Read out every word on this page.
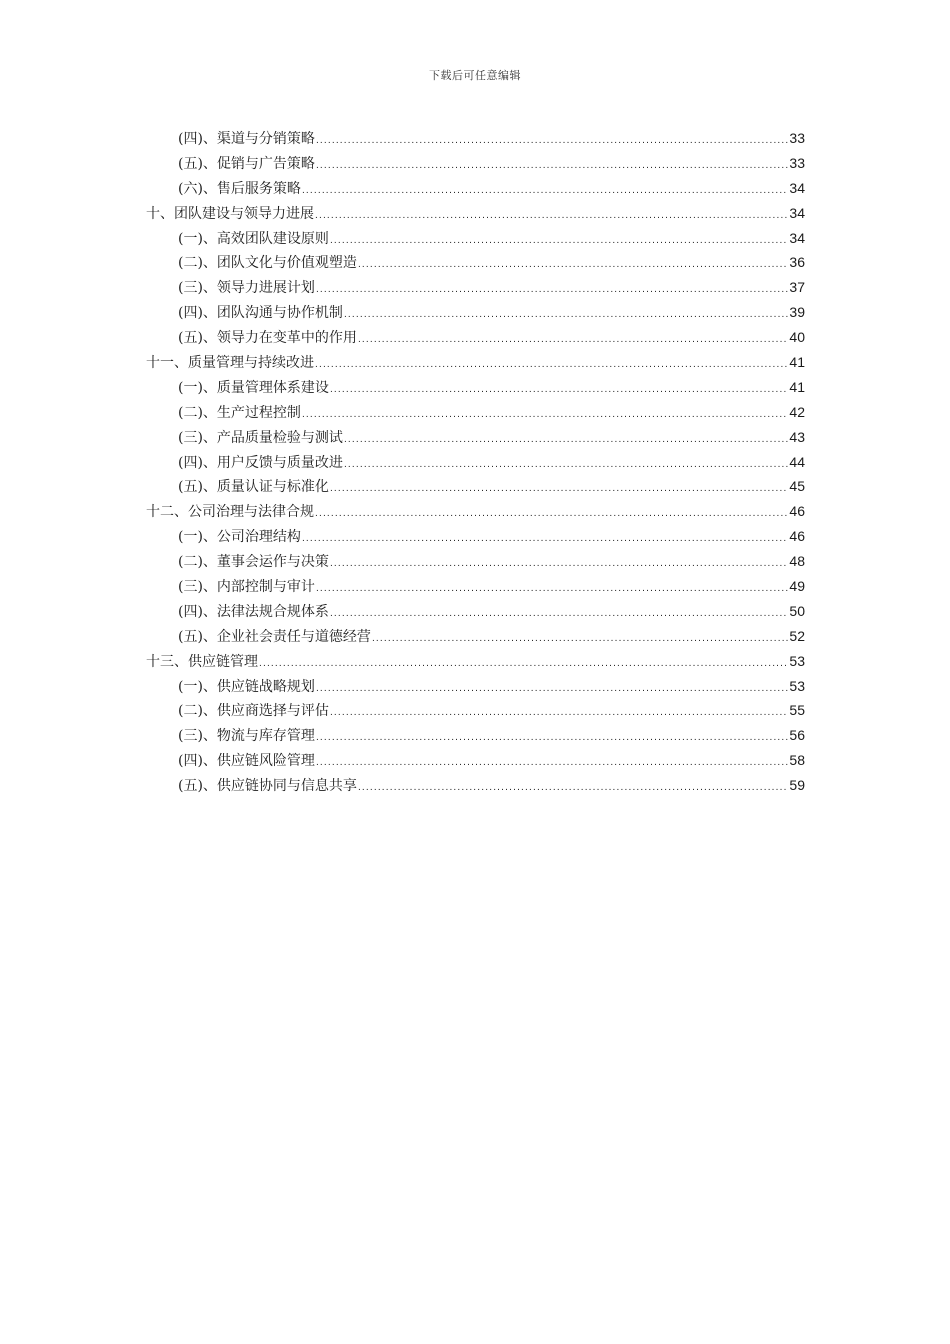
下载后可任意编辑
(四)、渠道与分销策略 .....	33
(五)、促销与广告策略 .....	33
(六)、售后服务策略 .....	34
十、团队建设与领导力进展 .....	34
(一)、高效团队建设原则 .....	34
(二)、团队文化与价值观塑造 .....	36
(三)、领导力进展计划 .....	37
(四)、团队沟通与协作机制 .....	39
(五)、领导力在变革中的作用 .....	40
十一、质量管理与持续改进 .....	41
(一)、质量管理体系建设 .....	41
(二)、生产过程控制 .....	42
(三)、产品质量检验与测试 .....	43
(四)、用户反馈与质量改进 .....	44
(五)、质量认证与标准化 .....	45
十二、公司治理与法律合规 .....	46
(一)、公司治理结构 .....	46
(二)、董事会运作与决策 .....	48
(三)、内部控制与审计 .....	49
(四)、法律法规合规体系 .....	50
(五)、企业社会责任与道德经营 .....	52
十三、供应链管理 .....	53
(一)、供应链战略规划 .....	53
(二)、供应商选择与评估 .....	55
(三)、物流与库存管理 .....	56
(四)、供应链风险管理 .....	58
(五)、供应链协同与信息共享 .....	59
